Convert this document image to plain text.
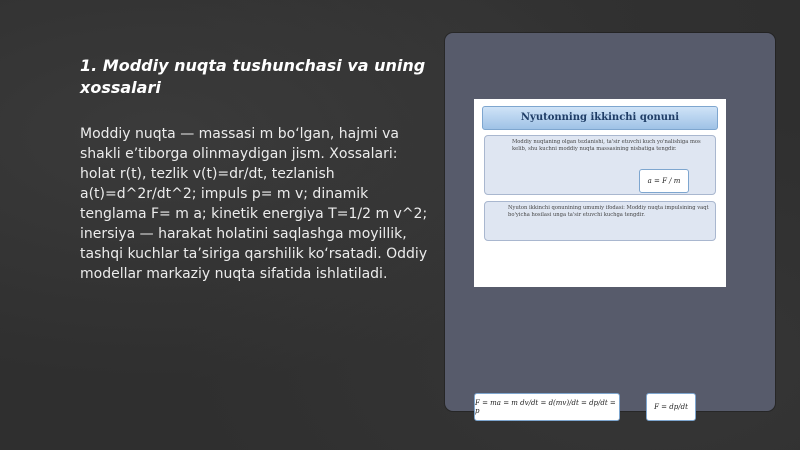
1. Moddiy nuqta tushunchasi va uning xossalari

Moddiy nuqta — massasi m bo‘lgan, hajmi va shakli e’tiborga olinmaydigan jism. Xossalari: holat r(t), tezlik v(t)=dr/dt, tezlanish a(t)=d^2r/dt^2; impuls p= m v; dinamik tenglama F= m a; kinetik energiya T=1/2 m v^2; inersiya — harakat holatini saqlashga moyillik, tashqi kuchlar ta’siriga qarshilik ko‘rsatadi. Oddiy modellar markaziy nuqta sifatida ishlatiladi.

Nyutonning ikkinchi qonuni
Moddiy nuqtaning olgan tezlanishi, ta'sir etuvchi kuch yo'nalishiga mos kelib, shu kuchni moddiy nuqta massasining nisbatiga tengdir.
a = F / m
Nyuton ikkinchi qonunining umumiy ifodasi: Moddiy nuqta impulsining vaqt bo'yicha hosilasi unga ta'sir etuvchi kuchga tengdir.
F = ma = m dv/dt = d(mv)/dt = dp/dt = p	F = dp/dt
